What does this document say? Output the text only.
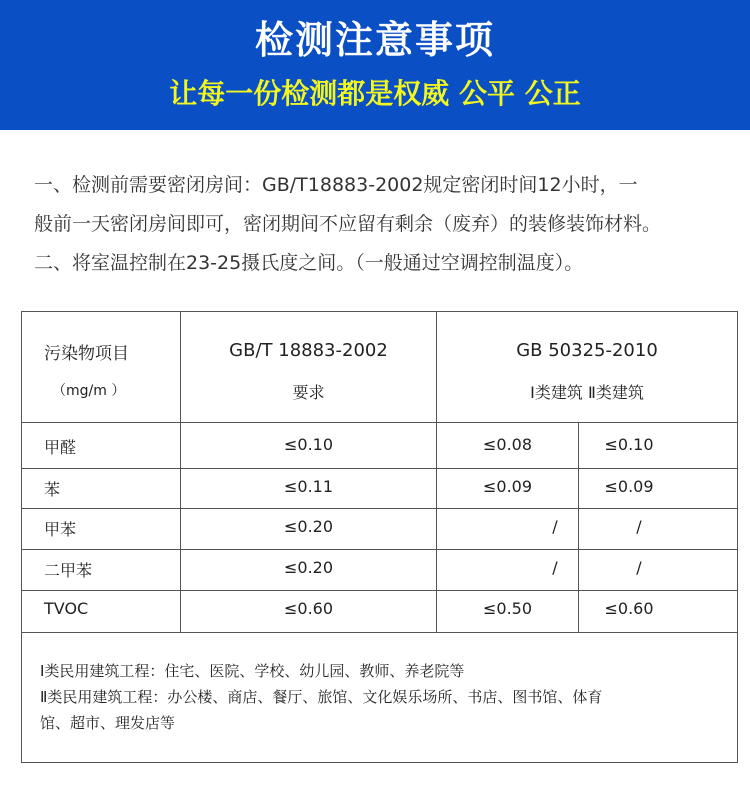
检测注意事项
让每一份检测都是权威 公平 公正

一、检测前需要密闭房间：GB/T18883-2002规定密闭时间12小时，一

般前一天密闭房间即可，密闭期间不应留有剩余（废弃）的装修装饰材料。

二、将室温控制在23-25摄氏度之间。（一般通过空调控制温度）。

污染物项目
（mg/m ）
GB/T 18883-2002
要求
GB 50325-2010
Ⅰ类建筑 Ⅱ类建筑
甲醛	≤0.10	≤0.08	≤0.10
苯	≤0.11	≤0.09	≤0.09
甲苯	≤0.20	/	/
二甲苯	≤0.20	/	/
TVOC	≤0.60	≤0.50	≤0.60

Ⅰ类民用建筑工程：住宅、医院、学校、幼儿园、教师、养老院等

Ⅱ类民用建筑工程：办公楼、商店、餐厅、旅馆、文化娱乐场所、书店、图书馆、体育

馆、超市、理发店等
